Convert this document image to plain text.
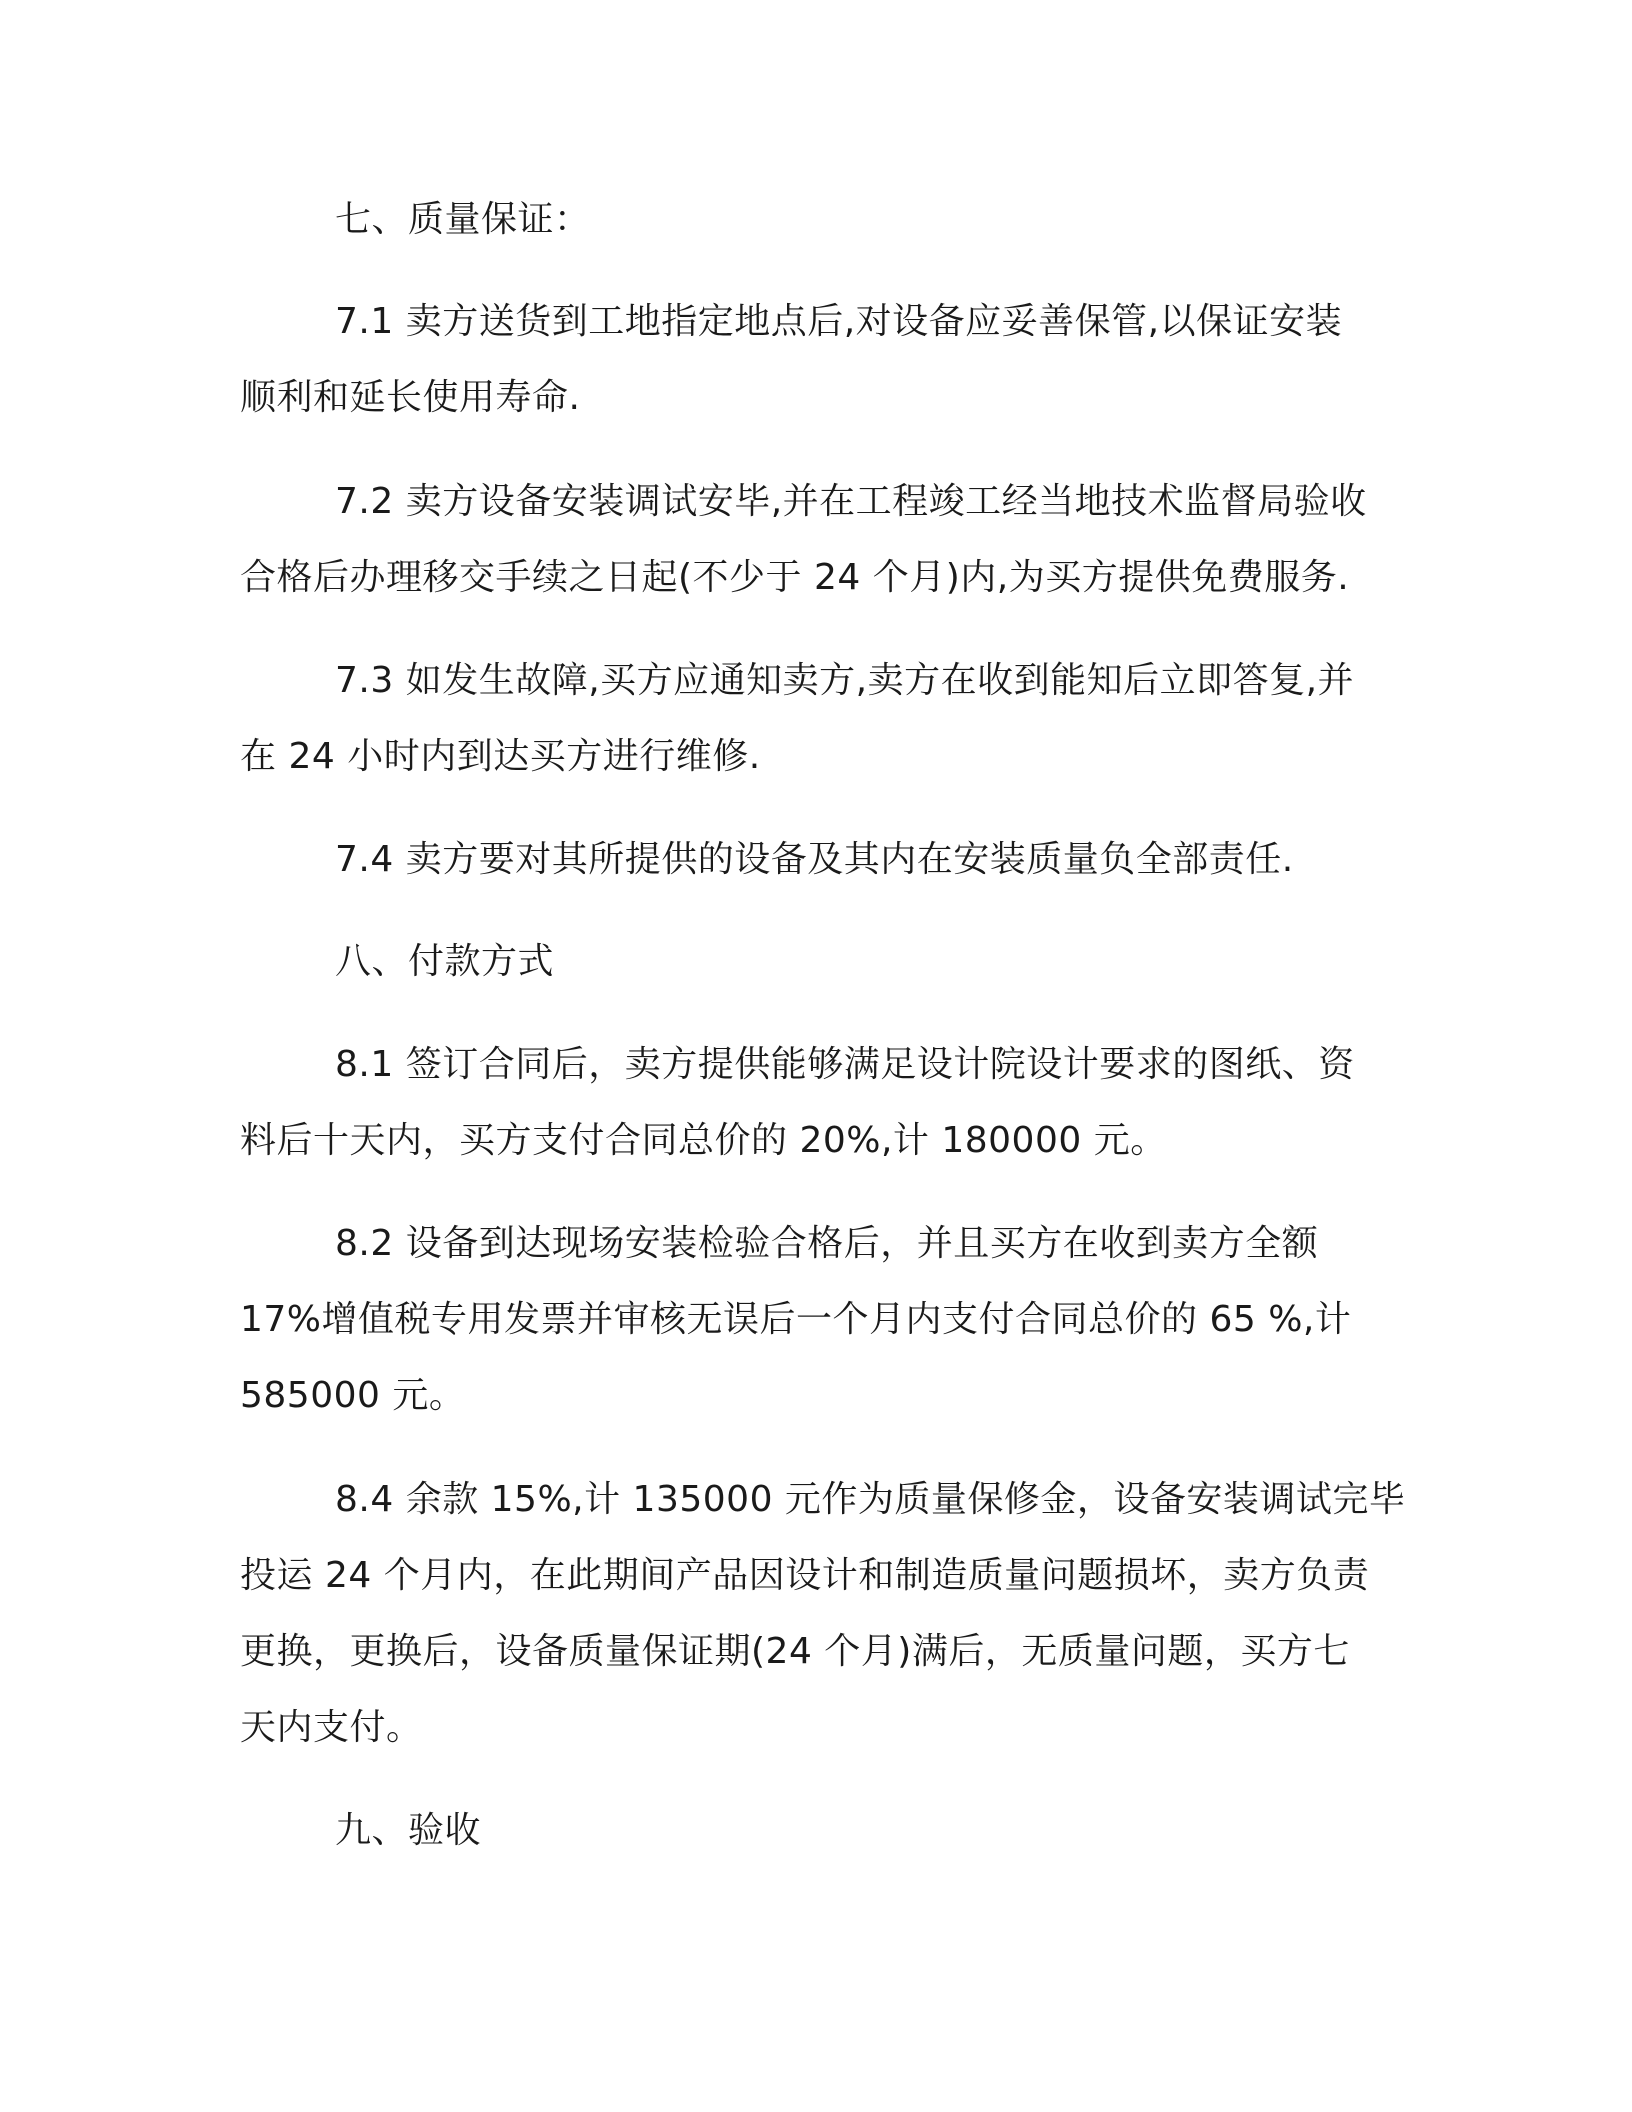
七、质量保证：
7.1 卖方送货到工地指定地点后,对设备应妥善保管,以保证安装
顺利和延长使用寿命.
7.2 卖方设备安装调试安毕,并在工程竣工经当地技术监督局验收
合格后办理移交手续之日起(不少于 24 个月)内,为买方提供免费服务.
7.3 如发生故障,买方应通知卖方,卖方在收到能知后立即答复,并
在 24 小时内到达买方进行维修.
7.4 卖方要对其所提供的设备及其内在安装质量负全部责任.
八、付款方式
8.1 签订合同后，卖方提供能够满足设计院设计要求的图纸、资
料后十天内，买方支付合同总价的 20%,计 180000 元。
8.2 设备到达现场安装检验合格后，并且买方在收到卖方全额
17%增值税专用发票并审核无误后一个月内支付合同总价的 65 %,计
585000 元。
8.4 余款 15%,计 135000 元作为质量保修金，设备安装调试完毕
投运 24 个月内，在此期间产品因设计和制造质量问题损坏，卖方负责
更换，更换后，设备质量保证期(24 个月)满后，无质量问题，买方七
天内支付。
九、验收
